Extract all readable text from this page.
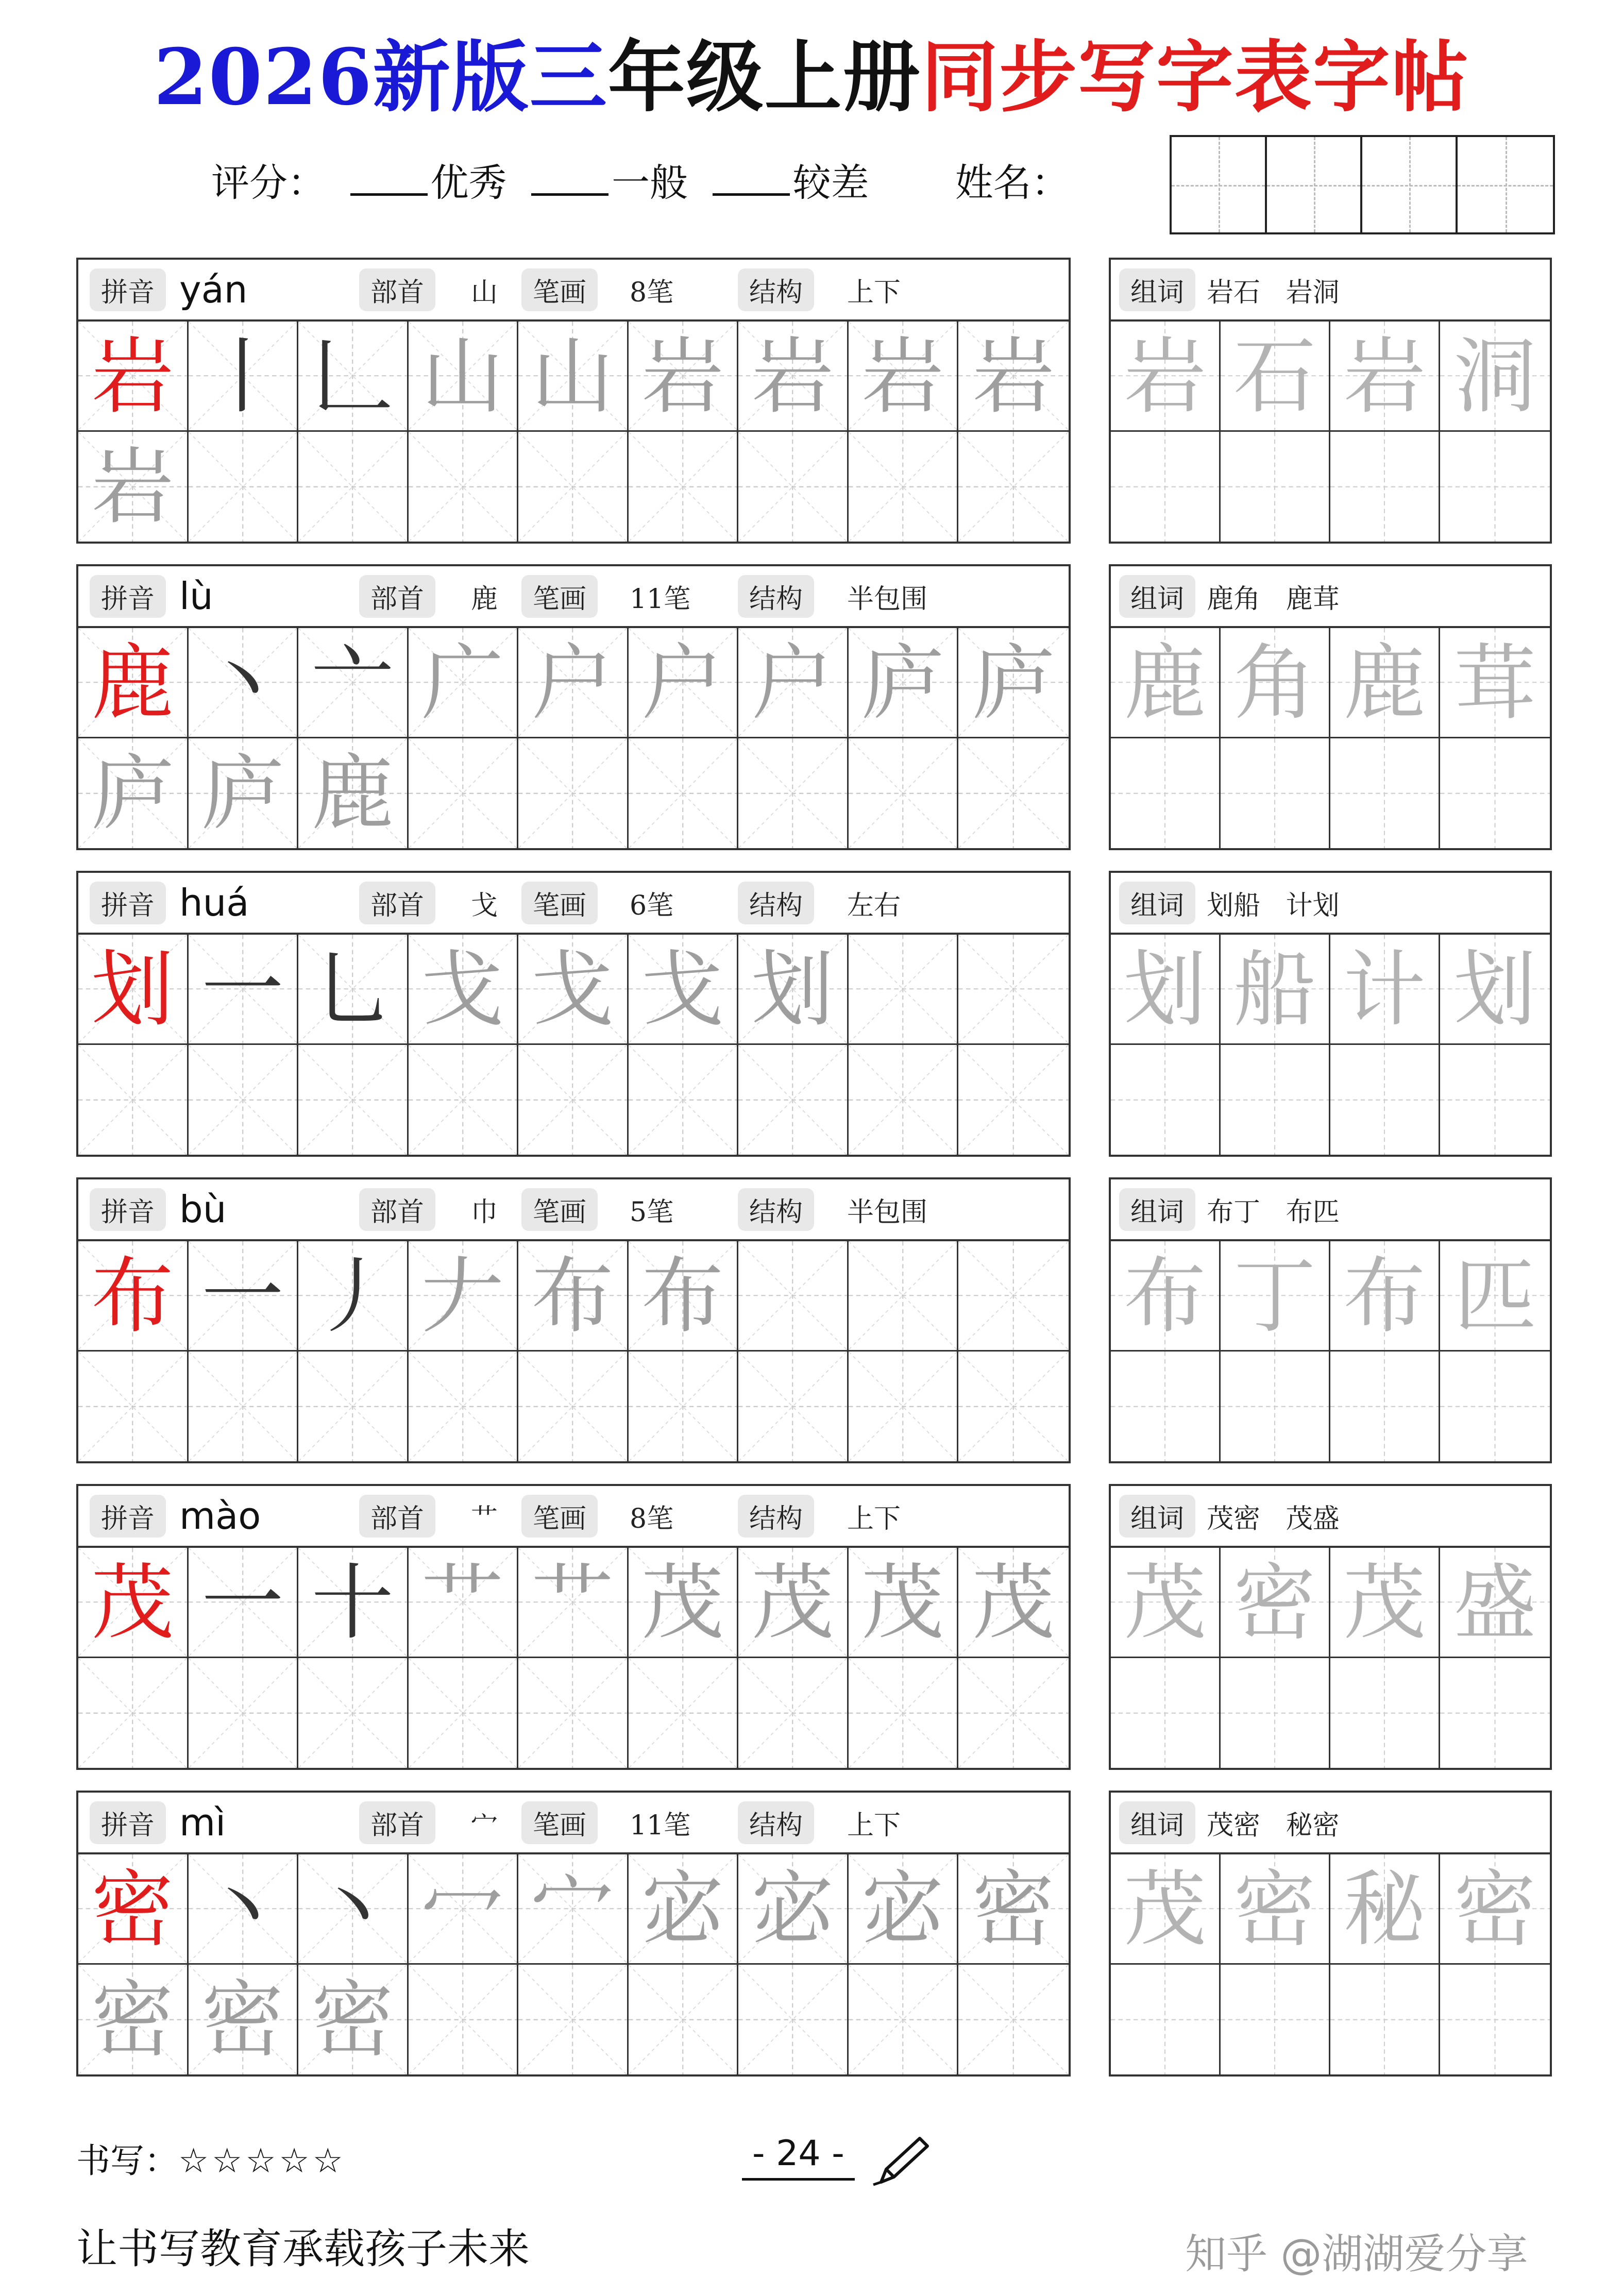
2026新版三年级上册同步写字表字帖
评分：	优秀	一般	较差 姓名：
拼音 yán	部首	山	笔画	8笔	结构	上下
岩 丨 𠃊 山 山 岩 岩 岩 岩
岩
组词 岩石   岩洞
岩 石 岩 洞
拼音 lù	部首	鹿	笔画	11笔	结构	半包围
鹿 丶 亠 广 户 户 户 庐 庐
庐 庐 鹿
组词 鹿角   鹿茸
鹿 角 鹿 茸
拼音 huá	部首	戈	笔画	6笔	结构	左右
划 一 乚 戈 戈 戈 划
组词 划船   计划
划 船 计 划
拼音 bù	部首	巾	笔画	5笔	结构	半包围
布 一 丿 𠂇 布 布
组词 布丁   布匹
布 丁 布 匹
拼音 mào	部首	艹	笔画	8笔	结构	上下
茂 一 十 艹 艹 茂 茂 茂 茂
组词 茂密   茂盛
茂 密 茂 盛
拼音 mì	部首	宀	笔画	11笔	结构	上下
密 丶 丶 冖 宀 宓 宓 宓 密
密 密 密
组词 茂密   秘密
茂 密 秘 密
书写：☆☆☆☆☆	- 24 -
让书写教育承载孩子未来	知乎 @湖湖爱分享
